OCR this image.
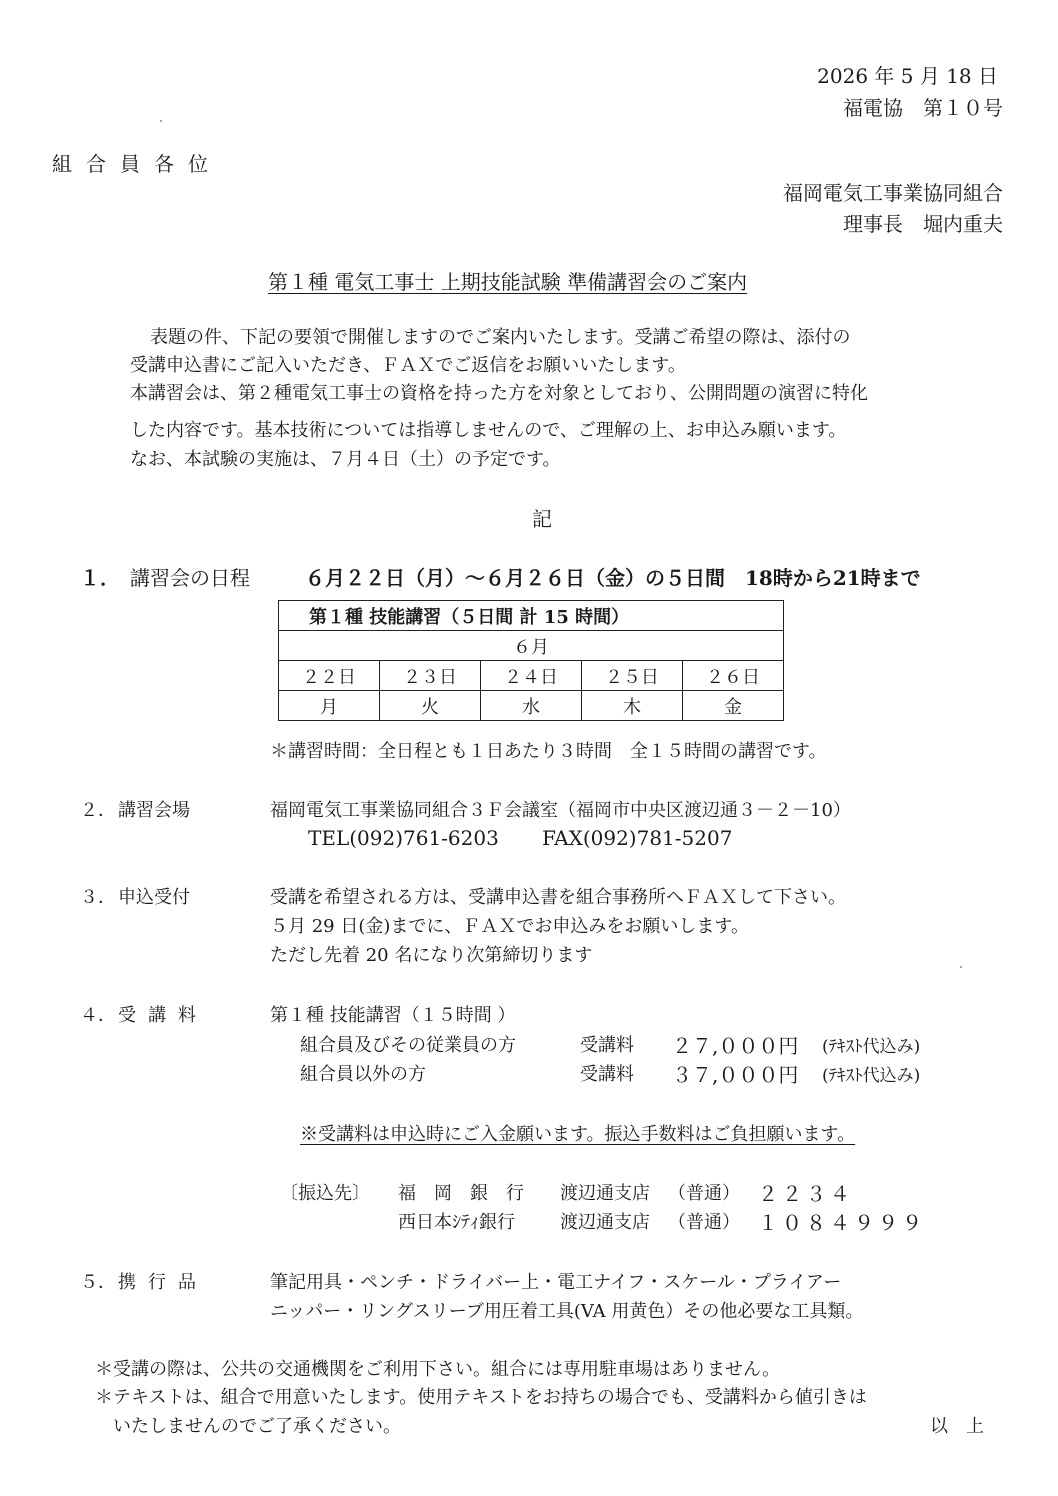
2026 年 5 月 18 日
福電協　第１０号
組合員各位
福岡電気工事業協同組合
理事長　堀内重夫
第１種 電気工事士 上期技能試験 準備講習会のご案内
表題の件、下記の要領で開催しますのでご案内いたします。受講ご希望の際は、添付の
受講申込書にご記入いただき、ＦＡＸでご返信をお願いいたします。
本講習会は、第２種電気工事士の資格を持った方を対象としており、公開問題の演習に特化
した内容です。基本技術については指導しませんので、ご理解の上、お申込み願います。
なお、本試験の実施は、７月４日（土）の予定です。
記
１． 講習会の日程	６月２２日（月）～６月２６日（金）の５日間　18時から21時まで
第１種 技能講習（５日間 計 15 時間）				
６月				
２２日	２３日	２４日	２５日	２６日
月	火	水	木	金
＊講習時間：全日程とも１日あたり３時間　全１５時間の講習です。
２． 講習会場	福岡電気工事業協同組合３Ｆ会議室（福岡市中央区渡辺通３－２－10）
TEL(092)761-6203 FAX(092)781-5207
３． 申込受付	受講を希望される方は、受講申込書を組合事務所へＦＡＸして下さい。
５月 29 日(金)までに、ＦＡＸでお申込みをお願いします。
ただし先着 20 名になり次第締切ります
４． 受講料	第１種 技能講習（１５時間 ）
組合員及びその従業員の方	受講料 ２７,０００円 (ﾃｷｽﾄ代込み)
組合員以外の方	受講料 ３７,０００円 (ﾃｷｽﾄ代込み)
※受講料は申込時にご入金願います。振込手数料はご負担願います。
〔振込先〕 福　岡　銀　行 渡辺通支店 （普通） ２２３４
西日本ｼﾃｨ銀行	渡辺通支店 （普通） １０８４９９９
５． 携行品	筆記用具・ペンチ・ドライバー上・電工ナイフ・スケール・プライアー
ニッパー・リングスリーブ用圧着工具(VA 用黄色）その他必要な工具類。
＊受講の際は、公共の交通機関をご利用下さい。組合には専用駐車場はありません。
＊テキストは、組合で用意いたします。使用テキストをお持ちの場合でも、受講料から値引きは
いたしませんのでご了承ください。	以　上
